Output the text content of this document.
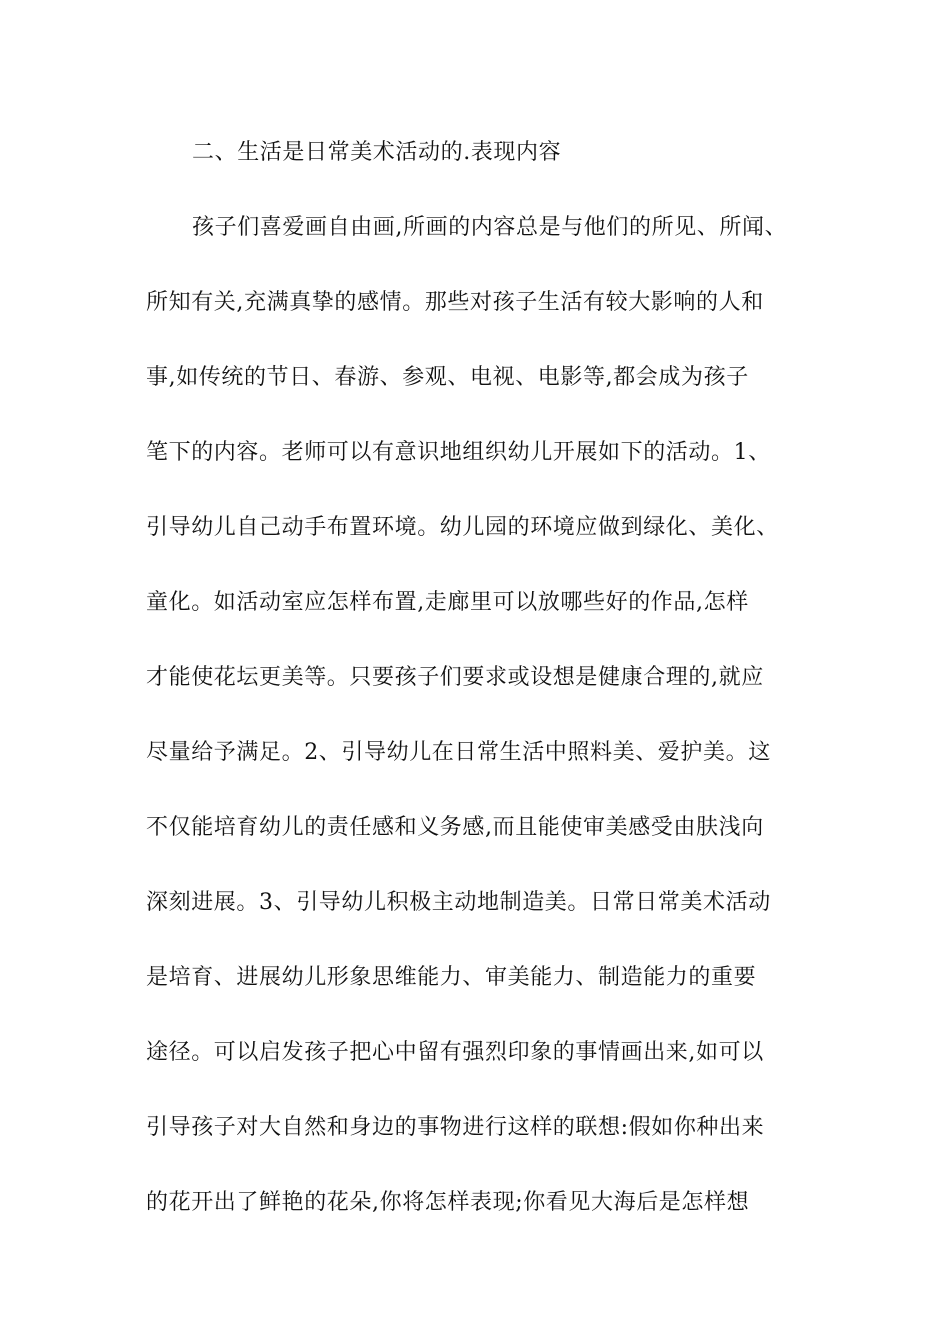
二、生活是日常美术活动的.表现内容
孩子们喜爱画自由画,所画的内容总是与他们的所见、所闻、
所知有关,充满真挚的感情。那些对孩子生活有较大影响的人和
事,如传统的节日、春游、参观、电视、电影等,都会成为孩子
笔下的内容。老师可以有意识地组织幼儿开展如下的活动。1、
引导幼儿自己动手布置环境。幼儿园的环境应做到绿化、美化、
童化。如活动室应怎样布置,走廊里可以放哪些好的作品,怎样
才能使花坛更美等。只要孩子们要求或设想是健康合理的,就应
尽量给予满足。2、引导幼儿在日常生活中照料美、爱护美。这
不仅能培育幼儿的责任感和义务感,而且能使审美感受由肤浅向
深刻进展。3、引导幼儿积极主动地制造美。日常日常美术活动
是培育、进展幼儿形象思维能力、审美能力、制造能力的重要
途径。可以启发孩子把心中留有强烈印象的事情画出来,如可以
引导孩子对大自然和身边的事物进行这样的联想:假如你种出来
的花开出了鲜艳的花朵,你将怎样表现;你看见大海后是怎样想
